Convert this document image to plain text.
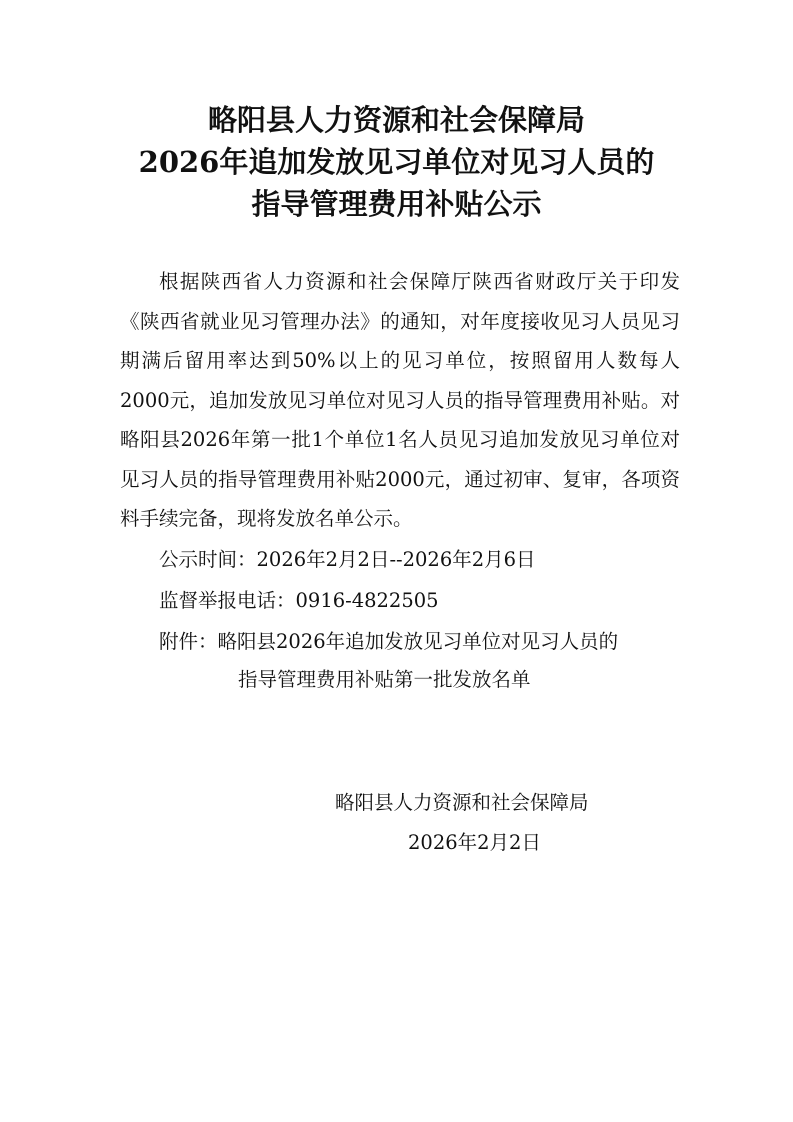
略阳县人力资源和社会保障局
2026年追加发放见习单位对见习人员的
指导管理费用补贴公示

根据陕西省人力资源和社会保障厅陕西省财政厅关于印发《陕西省就业见习管理办法》的通知，对年度接收见习人员见习期满后留用率达到50%以上的见习单位，按照留用人数每人2000元，追加发放见习单位对见习人员的指导管理费用补贴。对略阳县2026年第一批1个单位1名人员见习追加发放见习单位对见习人员的指导管理费用补贴2000元，通过初审、复审，各项资料手续完备，现将发放名单公示。

公示时间：2026年2月2日--2026年2月6日

监督举报电话：0916-4822505

附件：略阳县2026年追加发放见习单位对见习人员的

指导管理费用补贴第一批发放名单

略阳县人力资源和社会保障局

2026年2月2日
